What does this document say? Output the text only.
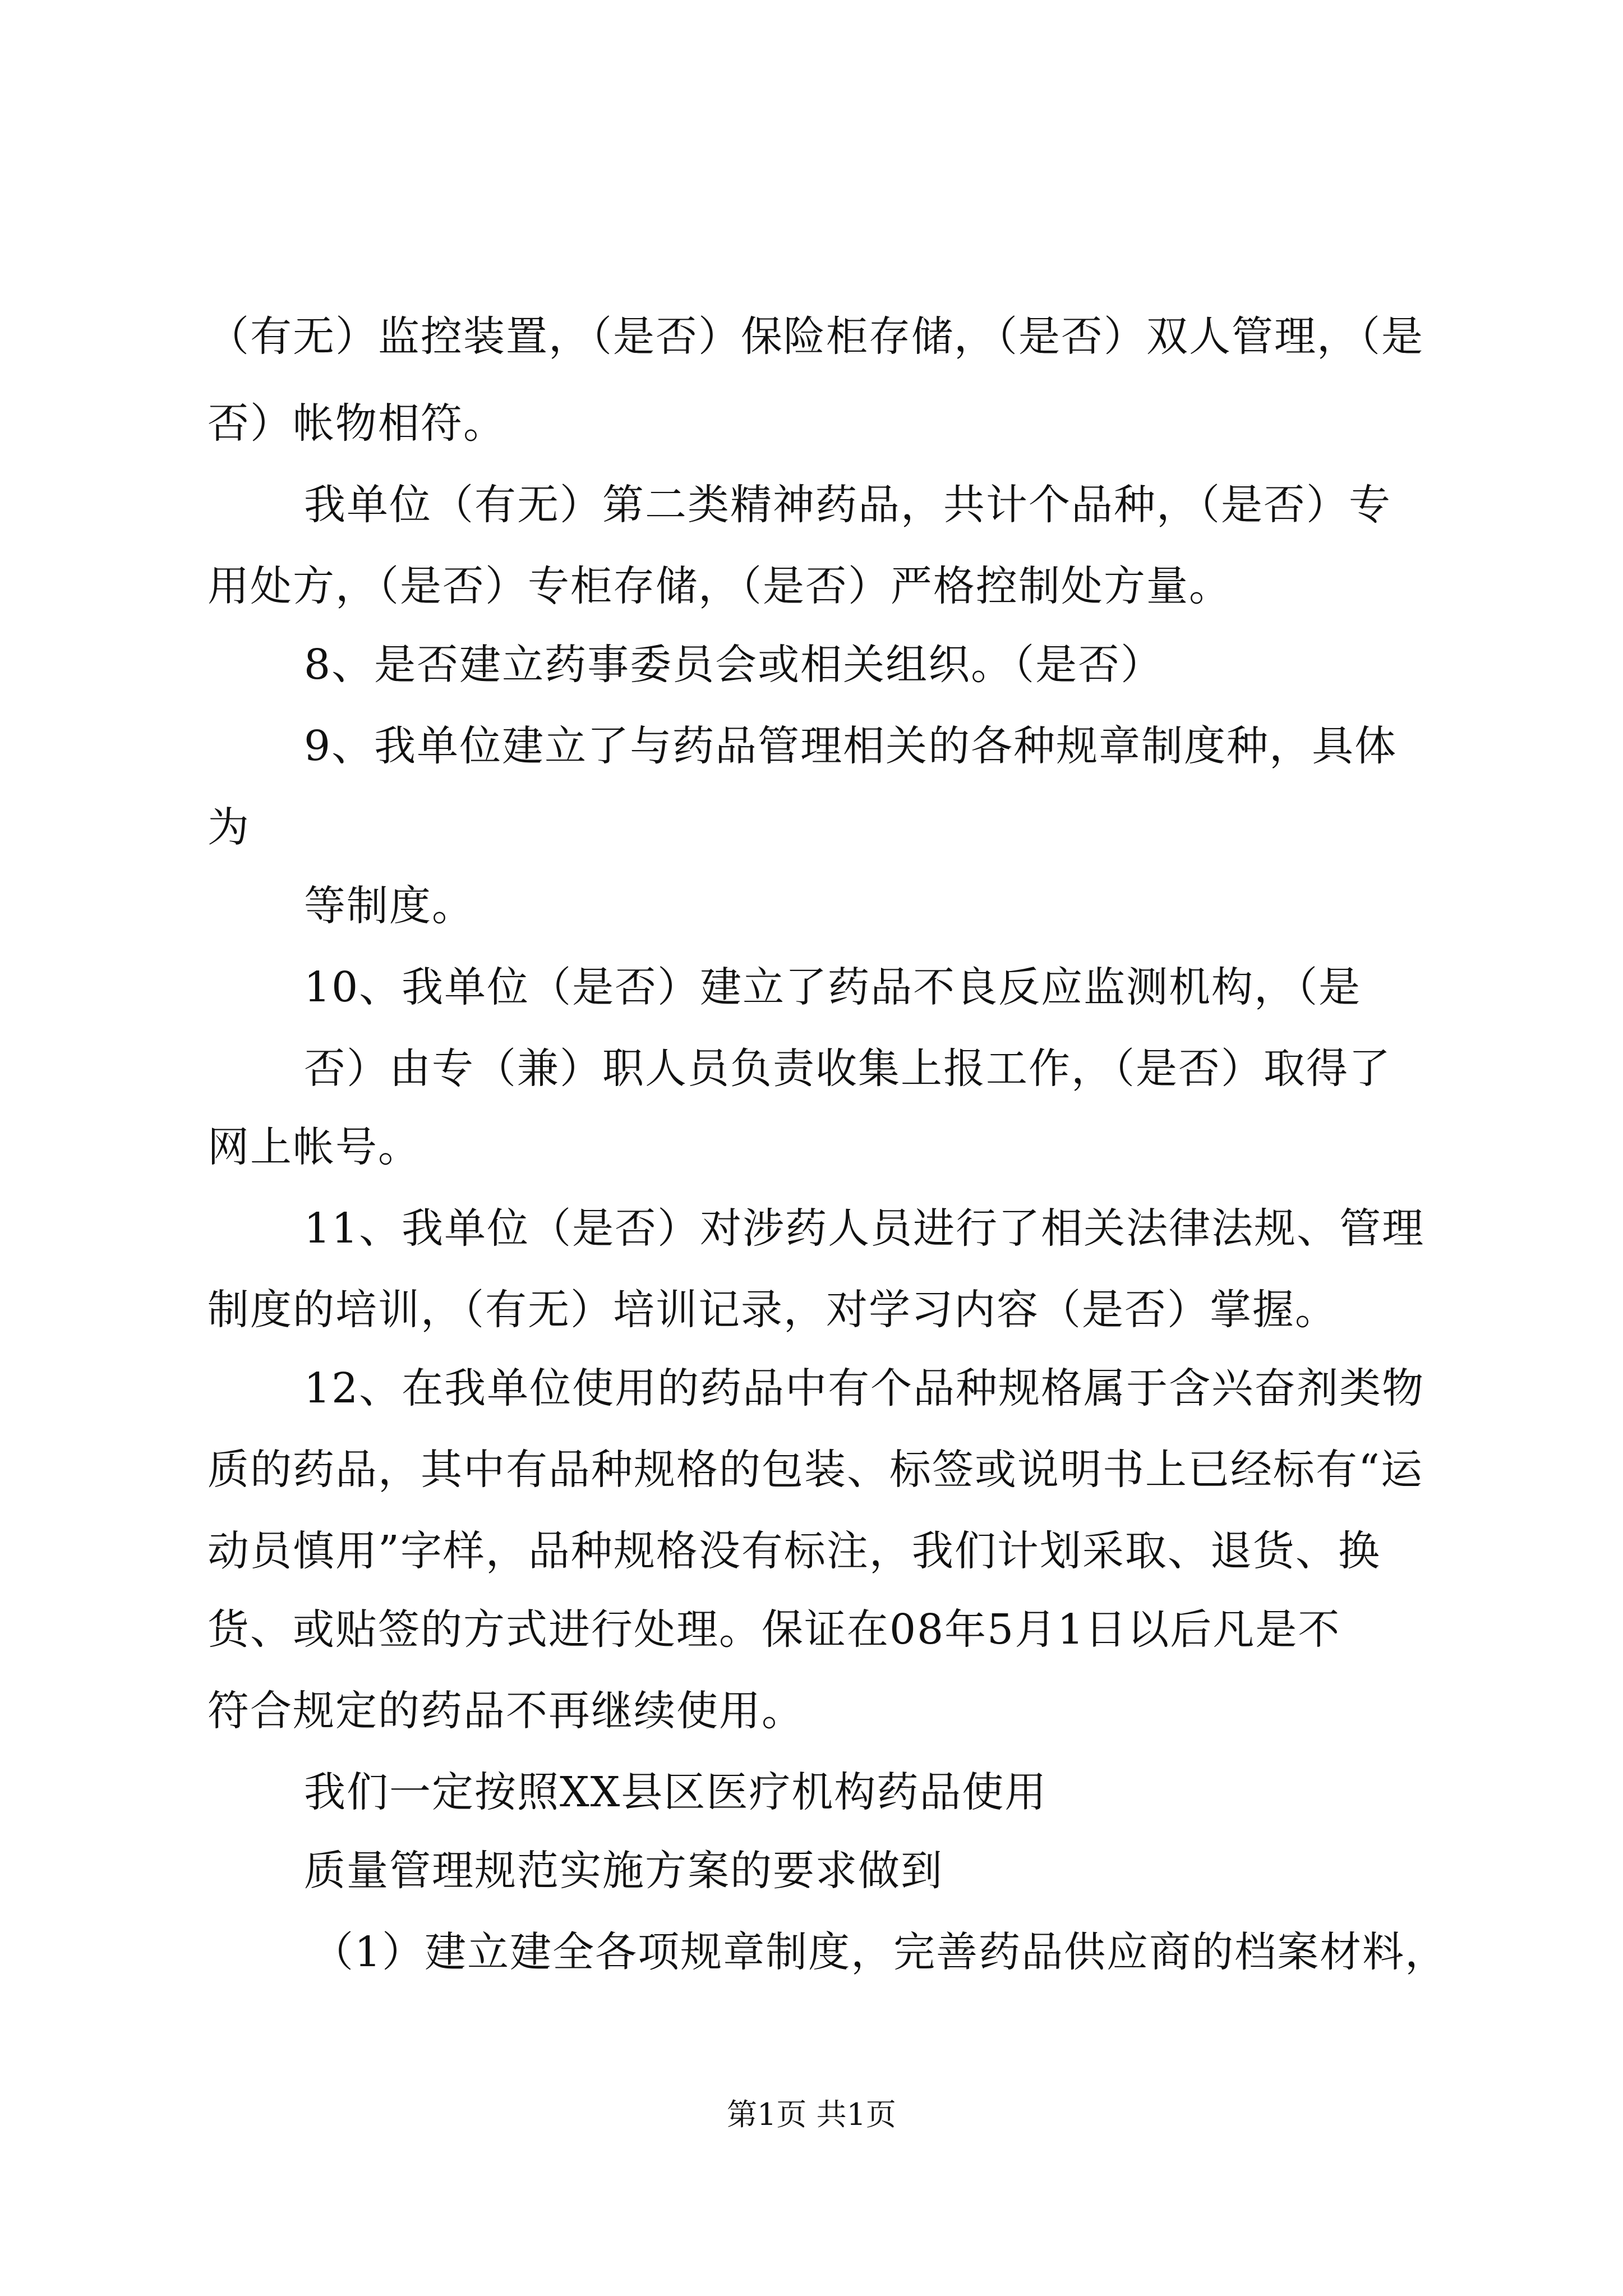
（有无）监控装置，（是否）保险柜存储，（是否）双人管理，（是
否）帐物相符。
我单位（有无）第二类精神药品，共计个品种，（是否）专
用处方，（是否）专柜存储，（是否）严格控制处方量。
8、是否建立药事委员会或相关组织。（是否）
9、我单位建立了与药品管理相关的各种规章制度种，具体
为
等制度。
10、我单位（是否）建立了药品不良反应监测机构，（是
否）由专（兼）职人员负责收集上报工作，（是否）取得了
网上帐号。
11、我单位（是否）对涉药人员进行了相关法律法规、管理
制度的培训，（有无）培训记录，对学习内容（是否）掌握。
12、在我单位使用的药品中有个品种规格属于含兴奋剂类物
质的药品，其中有品种规格的包装、标签或说明书上已经标有“运
动员慎用”字样，品种规格没有标注，我们计划采取、退货、换
货、或贴签的方式进行处理。保证在08年5月1日以后凡是不
符合规定的药品不再继续使用。
我们一定按照XX县区医疗机构药品使用
质量管理规范实施方案的要求做到
（1）建立建全各项规章制度，完善药品供应商的档案材料，
第1页 共1页
